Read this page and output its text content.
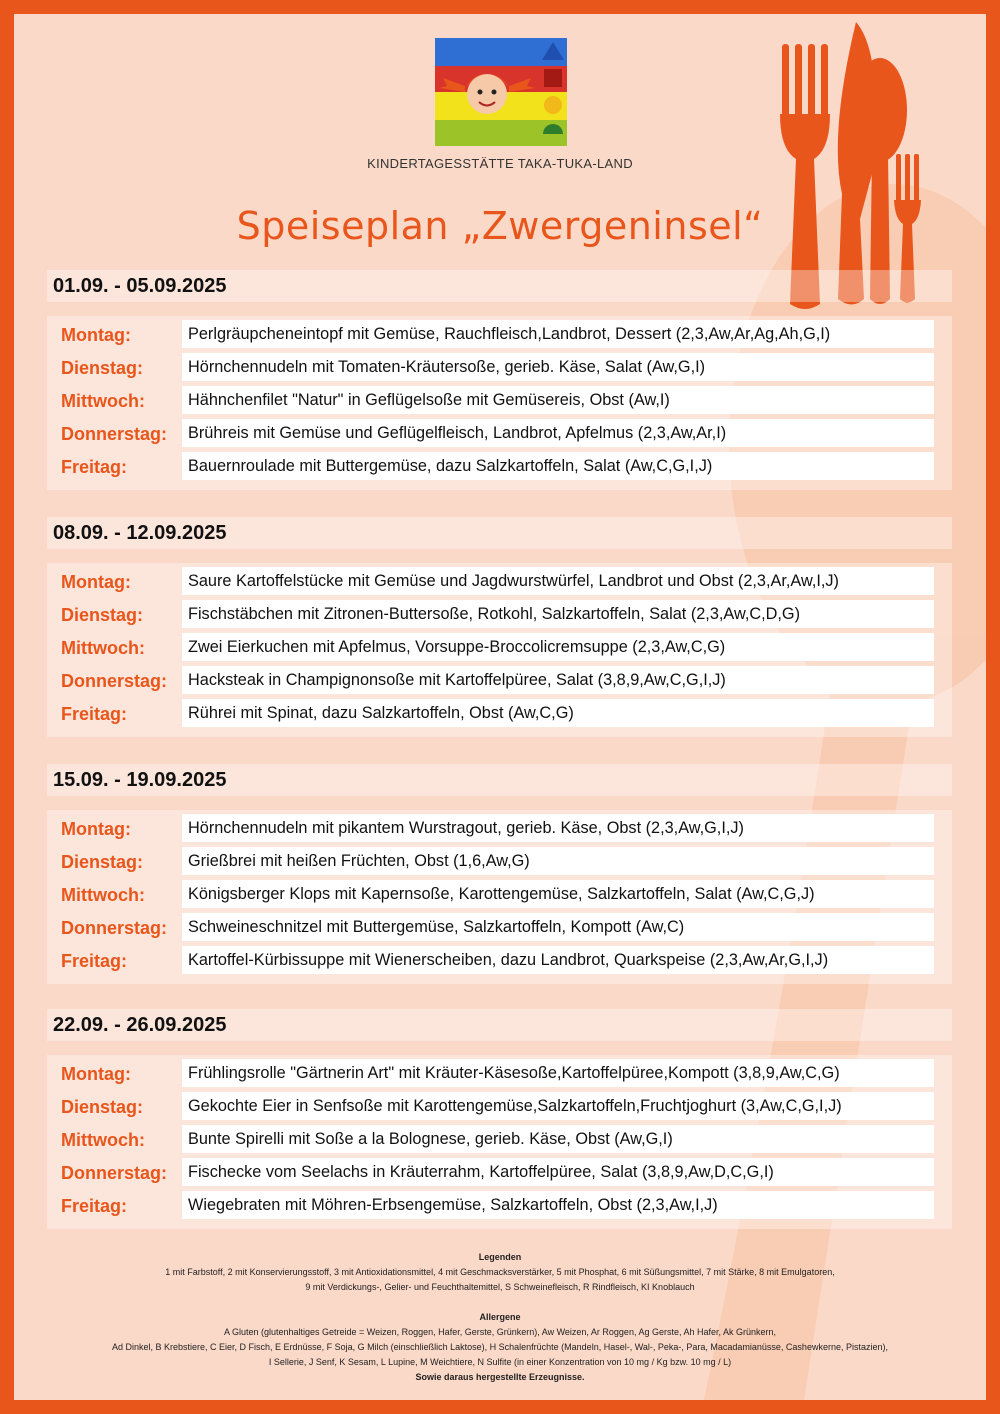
KINDERTAGESSTÄTTE TAKA-TUKA-LAND
Speiseplan „Zwergeninsel“
01.09. - 05.09.2025
Montag:	Perlgräupcheneintopf mit Gemüse, Rauchfleisch,Landbrot, Dessert (2,3,Aw,Ar,Ag,Ah,G,I)
Dienstag:	Hörnchennudeln mit Tomaten-Kräutersoße, gerieb. Käse, Salat (Aw,G,I)
Mittwoch:	Hähnchenfilet "Natur" in Geflügelsoße mit Gemüsereis, Obst (Aw,I)
Donnerstag:	Brühreis mit Gemüse und Geflügelfleisch, Landbrot, Apfelmus (2,3,Aw,Ar,I)
Freitag:	Bauernroulade mit Buttergemüse, dazu Salzkartoffeln, Salat (Aw,C,G,I,J)
08.09. - 12.09.2025
Montag:	Saure Kartoffelstücke mit Gemüse und Jagdwurstwürfel, Landbrot und Obst (2,3,Ar,Aw,I,J)
Dienstag:	Fischstäbchen mit Zitronen-Buttersoße, Rotkohl, Salzkartoffeln, Salat (2,3,Aw,C,D,G)
Mittwoch:	Zwei Eierkuchen mit Apfelmus, Vorsuppe-Broccolicremsuppe (2,3,Aw,C,G)
Donnerstag:	Hacksteak in Champignonsoße mit Kartoffelpüree, Salat (3,8,9,Aw,C,G,I,J)
Freitag:	Rührei mit Spinat, dazu Salzkartoffeln, Obst (Aw,C,G)
15.09. - 19.09.2025
Montag:	Hörnchennudeln mit pikantem Wurstragout, gerieb. Käse, Obst (2,3,Aw,G,I,J)
Dienstag:	Grießbrei mit heißen Früchten, Obst (1,6,Aw,G)
Mittwoch:	Königsberger Klops mit Kapernsoße, Karottengemüse, Salzkartoffeln, Salat (Aw,C,G,J)
Donnerstag:	Schweineschnitzel mit Buttergemüse, Salzkartoffeln, Kompott (Aw,C)
Freitag:	Kartoffel-Kürbissuppe mit Wienerscheiben, dazu Landbrot, Quarkspeise (2,3,Aw,Ar,G,I,J)
22.09. - 26.09.2025
Montag:	Frühlingsrolle "Gärtnerin Art" mit Kräuter-Käsesoße,Kartoffelpüree,Kompott (3,8,9,Aw,C,G)
Dienstag:	Gekochte Eier in Senfsoße mit Karottengemüse,Salzkartoffeln,Fruchtjoghurt (3,Aw,C,G,I,J)
Mittwoch:	Bunte Spirelli mit Soße a la Bolognese, gerieb. Käse, Obst (Aw,G,I)
Donnerstag:	Fischecke vom Seelachs in Kräuterrahm, Kartoffelpüree, Salat (3,8,9,Aw,D,C,G,I)
Freitag:	Wiegebraten mit Möhren-Erbsengemüse, Salzkartoffeln, Obst (2,3,Aw,I,J)
Legenden
1 mit Farbstoff, 2 mit Konservierungsstoff, 3 mit Antioxidationsmittel, 4 mit Geschmacksverstärker, 5 mit Phosphat, 6 mit Süßungsmittel, 7 mit Stärke, 8 mit Emulgatoren,
9 mit Verdickungs-, Gelier- und Feuchthaltemittel, S Schweinefleisch, R Rindfleisch, KI Knoblauch
Allergene
A Gluten (glutenhaltiges Getreide = Weizen, Roggen, Hafer, Gerste, Grünkern), Aw Weizen, Ar Roggen, Ag Gerste, Ah Hafer, Ak Grünkern,
Ad Dinkel, B Krebstiere, C Eier, D Fisch, E Erdnüsse, F Soja, G Milch (einschließlich Laktose), H Schalenfrüchte (Mandeln, Hasel-, Wal-, Peka-, Para, Macadamianüsse, Cashewkerne, Pistazien),
I Sellerie, J Senf, K Sesam, L Lupine, M Weichtiere, N Sulfite (in einer Konzentration von 10 mg / Kg bzw. 10 mg / L)
Sowie daraus hergestellte Erzeugnisse.
